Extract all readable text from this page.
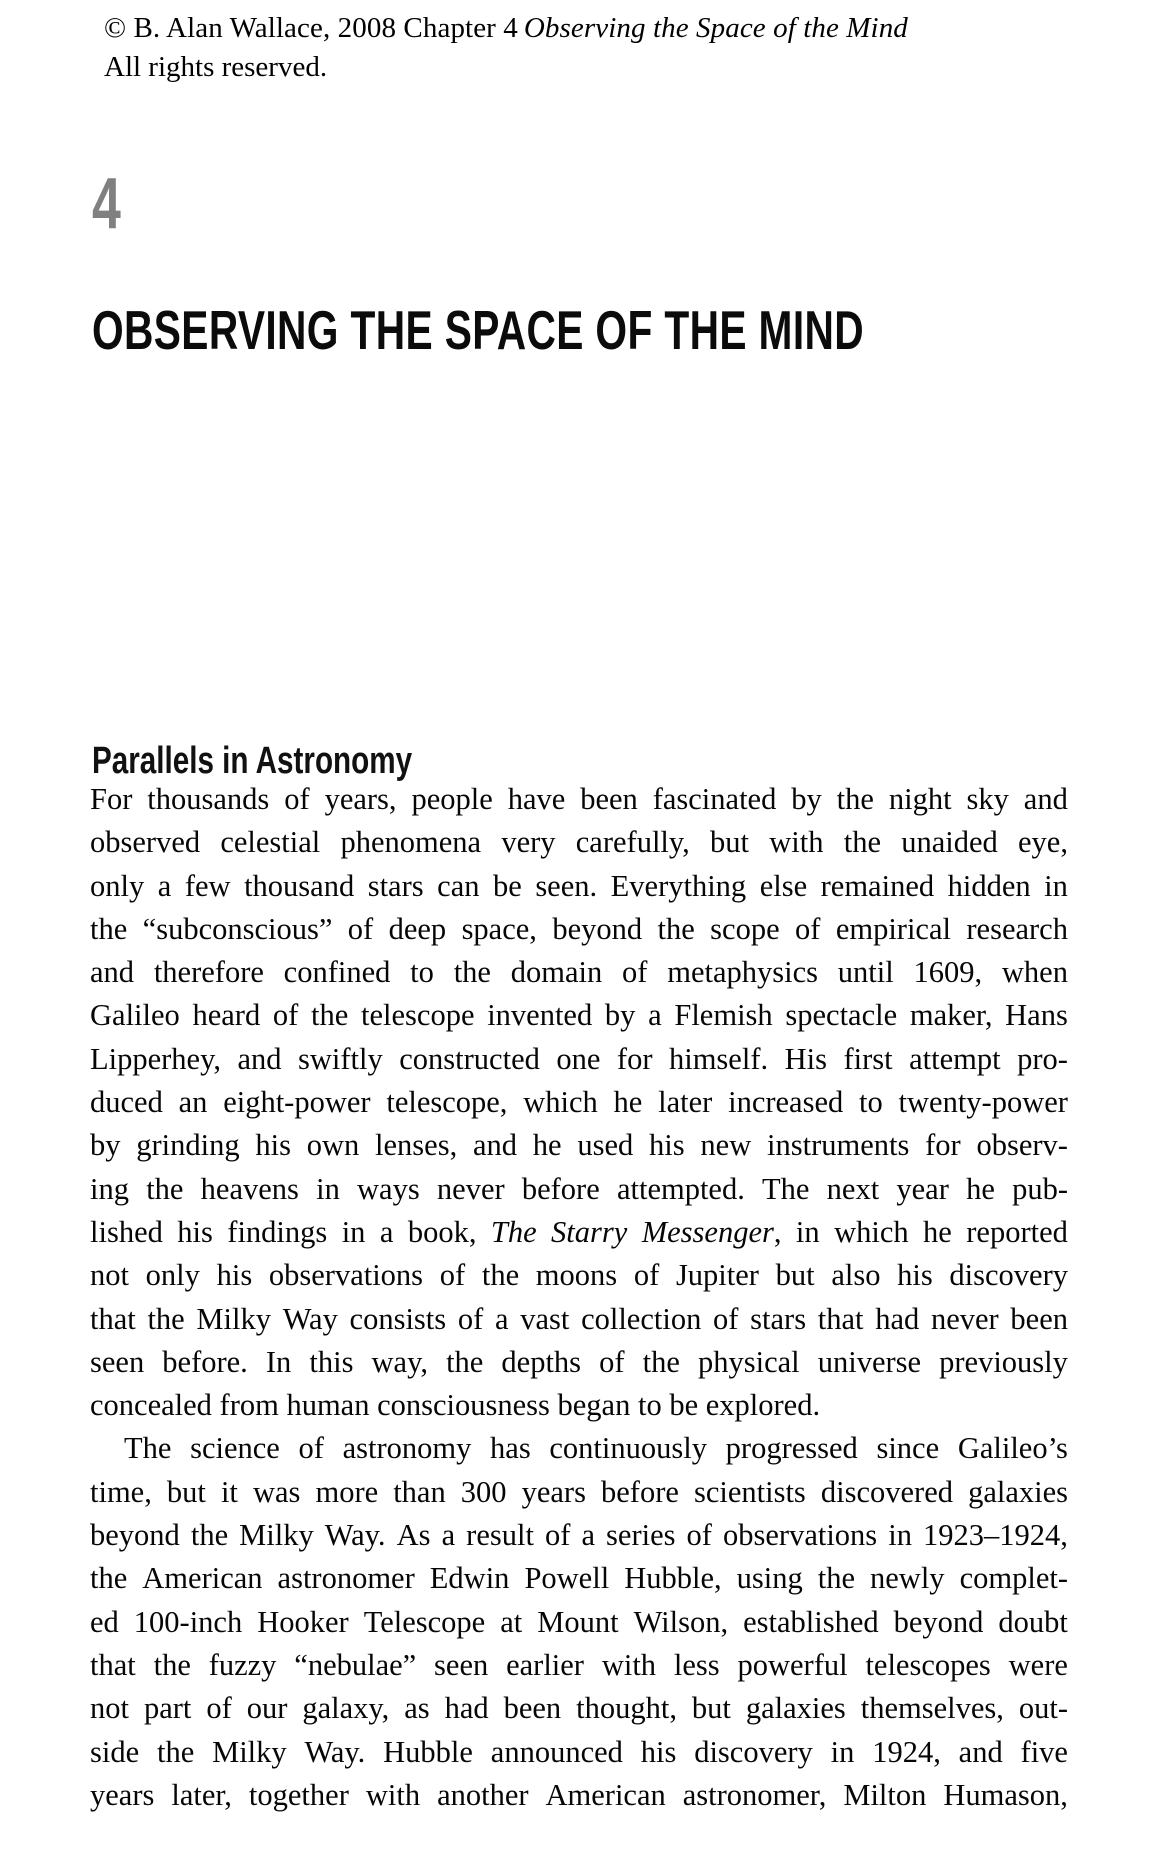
© B. Alan Wallace, 2008 Chapter 4 Observing the Space of the Mind
All rights reserved.
4
OBSERVING THE SPACE OF THE MIND
Parallels in Astronomy
For thousands of years, people have been fascinated by the night sky and
observed celestial phenomena very carefully, but with the unaided eye,
only a few thousand stars can be seen. Everything else remained hidden in
the “subconscious” of deep space, beyond the scope of empirical research
and therefore confined to the domain of metaphysics until 1609, when
Galileo heard of the telescope invented by a Flemish spectacle maker, Hans
Lipperhey, and swiftly constructed one for himself. His first attempt pro-
duced an eight-power telescope, which he later increased to twenty-power
by grinding his own lenses, and he used his new instruments for observ-
ing the heavens in ways never before attempted. The next year he pub-
lished his findings in a book, The Starry Messenger, in which he reported
not only his observations of the moons of Jupiter but also his discovery
that the Milky Way consists of a vast collection of stars that had never been
seen before. In this way, the depths of the physical universe previously
concealed from human consciousness began to be explored.
The science of astronomy has continuously progressed since Galileo’s
time, but it was more than 300 years before scientists discovered galaxies
beyond the Milky Way. As a result of a series of observations in 1923–1924,
the American astronomer Edwin Powell Hubble, using the newly complet-
ed 100-inch Hooker Telescope at Mount Wilson, established beyond doubt
that the fuzzy “nebulae” seen earlier with less powerful telescopes were
not part of our galaxy, as had been thought, but galaxies themselves, out-
side the Milky Way. Hubble announced his discovery in 1924, and five
years later, together with another American astronomer, Milton Humason,
